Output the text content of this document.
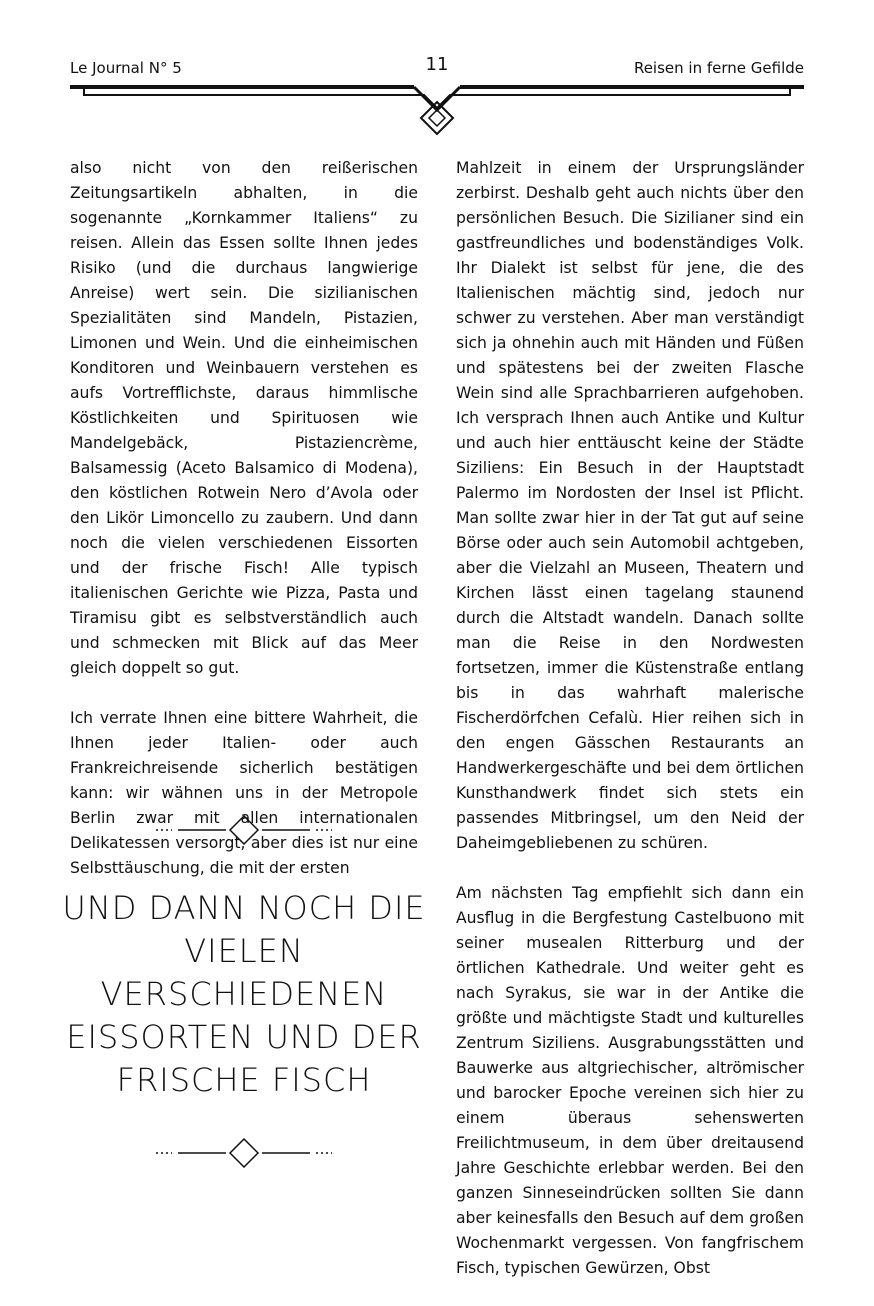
Le Journal N° 5	11	Reisen in ferne Gefilde

also nicht von den reißerischen Zeitungsartikeln abhalten, in die sogenannte „Kornkammer Italiens“ zu reisen. Allein das Essen sollte Ihnen jedes Risiko (und die durchaus langwierige Anreise) wert sein. Die sizilianischen Spezialitäten sind Mandeln, Pistazien, Limonen und Wein. Und die einheimischen Konditoren und Weinbauern verstehen es aufs Vortrefflichste, daraus himmlische Köstlichkeiten und Spirituosen wie Mandelgebäck, Pistaziencrème, Balsamessig (Aceto Balsamico di Modena), den köstlichen Rotwein Nero d’Avola oder den Likör Limoncello zu zaubern. Und dann noch die vielen verschiedenen Eissorten und der frische Fisch! Alle typisch italienischen Gerichte wie Pizza, Pasta und Tiramisu gibt es selbstverständlich auch und schmecken mit Blick auf das Meer gleich doppelt so gut.

Ich verrate Ihnen eine bittere Wahrheit, die Ihnen jeder Italien- oder auch Frankreichreisende sicherlich bestätigen kann: wir wähnen uns in der Metropole Berlin zwar mit allen internationalen Delikatessen versorgt, aber dies ist nur eine Selbsttäuschung, die mit der ersten

UND DANN NOCH DIE VIELEN VERSCHIEDENEN EISSORTEN UND DER FRISCHE FISCH

Mahlzeit in einem der Ursprungsländer zerbirst. Deshalb geht auch nichts über den persönlichen Besuch. Die Sizilianer sind ein gastfreundliches und bodenständiges Volk. Ihr Dialekt ist selbst für jene, die des Italienischen mächtig sind, jedoch nur schwer zu verstehen. Aber man verständigt sich ja ohnehin auch mit Händen und Füßen und spätestens bei der zweiten Flasche Wein sind alle Sprachbarrieren aufgehoben. Ich versprach Ihnen auch Antike und Kultur und auch hier enttäuscht keine der Städte Siziliens: Ein Besuch in der Hauptstadt Palermo im Nordosten der Insel ist Pflicht. Man sollte zwar hier in der Tat gut auf seine Börse oder auch sein Automobil achtgeben, aber die Vielzahl an Museen, Theatern und Kirchen lässt einen tagelang staunend durch die Altstadt wandeln. Danach sollte man die Reise in den Nordwesten fortsetzen, immer die Küstenstraße entlang bis in das wahrhaft malerische Fischerdörfchen Cefalù. Hier reihen sich in den engen Gässchen Restaurants an Handwerkergeschäfte und bei dem örtlichen Kunsthandwerk findet sich stets ein passendes Mitbringsel, um den Neid der Daheimgebliebenen zu schüren.

Am nächsten Tag empfiehlt sich dann ein Ausflug in die Bergfestung Castelbuono mit seiner musealen Ritterburg und der örtlichen Kathedrale. Und weiter geht es nach Syrakus, sie war in der Antike die größte und mächtigste Stadt und kulturelles Zentrum Siziliens. Ausgrabungsstätten und Bauwerke aus altgriechischer, altrömischer und barocker Epoche vereinen sich hier zu einem überaus sehenswerten Freilichtmuseum, in dem über dreitausend Jahre Geschichte erlebbar werden. Bei den ganzen Sinneseindrücken sollten Sie dann aber keinesfalls den Besuch auf dem großen Wochenmarkt vergessen. Von fangfrischem Fisch, typischen Gewürzen, Obst
